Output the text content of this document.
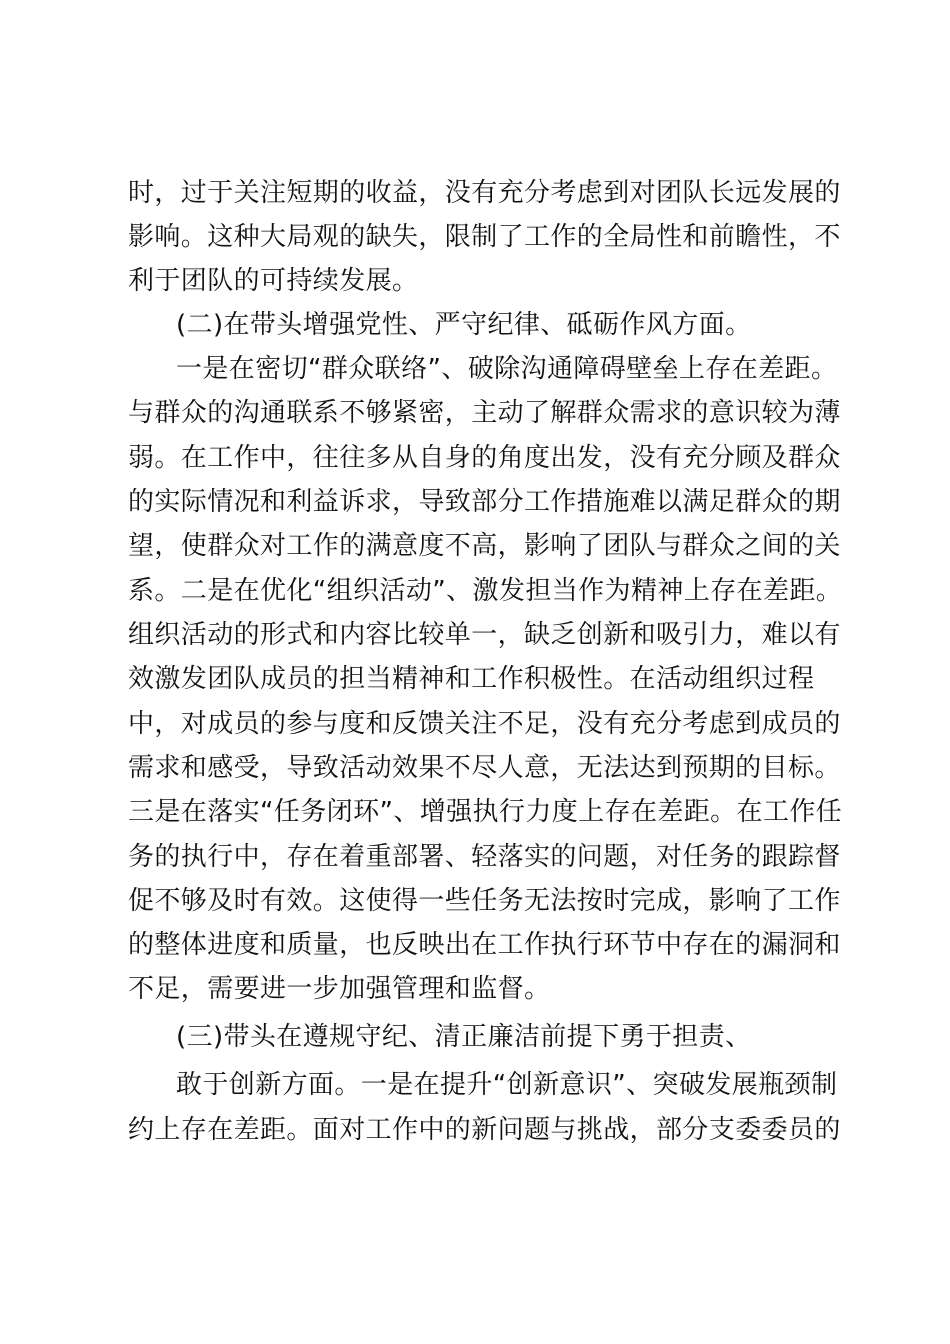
时，过于关注短期的收益，没有充分考虑到对团队长远发展的
影响。这种大局观的缺失，限制了工作的全局性和前瞻性，不
利于团队的可持续发展。
(二)在带头增强党性、严守纪律、砥砺作风方面。
一是在密切“群众联络”、破除沟通障碍壁垒上存在差距。
与群众的沟通联系不够紧密，主动了解群众需求的意识较为薄
弱。在工作中，往往多从自身的角度出发，没有充分顾及群众
的实际情况和利益诉求，导致部分工作措施难以满足群众的期
望，使群众对工作的满意度不高，影响了团队与群众之间的关
系。二是在优化“组织活动”、激发担当作为精神上存在差距。
组织活动的形式和内容比较单一，缺乏创新和吸引力，难以有
效激发团队成员的担当精神和工作积极性。在活动组织过程
中，对成员的参与度和反馈关注不足，没有充分考虑到成员的
需求和感受，导致活动效果不尽人意，无法达到预期的目标。
三是在落实“任务闭环”、增强执行力度上存在差距。在工作任
务的执行中，存在着重部署、轻落实的问题，对任务的跟踪督
促不够及时有效。这使得一些任务无法按时完成，影响了工作
的整体进度和质量，也反映出在工作执行环节中存在的漏洞和
不足，需要进一步加强管理和监督。
(三)带头在遵规守纪、清正廉洁前提下勇于担责、
敢于创新方面。一是在提升“创新意识”、突破发展瓶颈制
约上存在差距。面对工作中的新问题与挑战，部分支委委员的
